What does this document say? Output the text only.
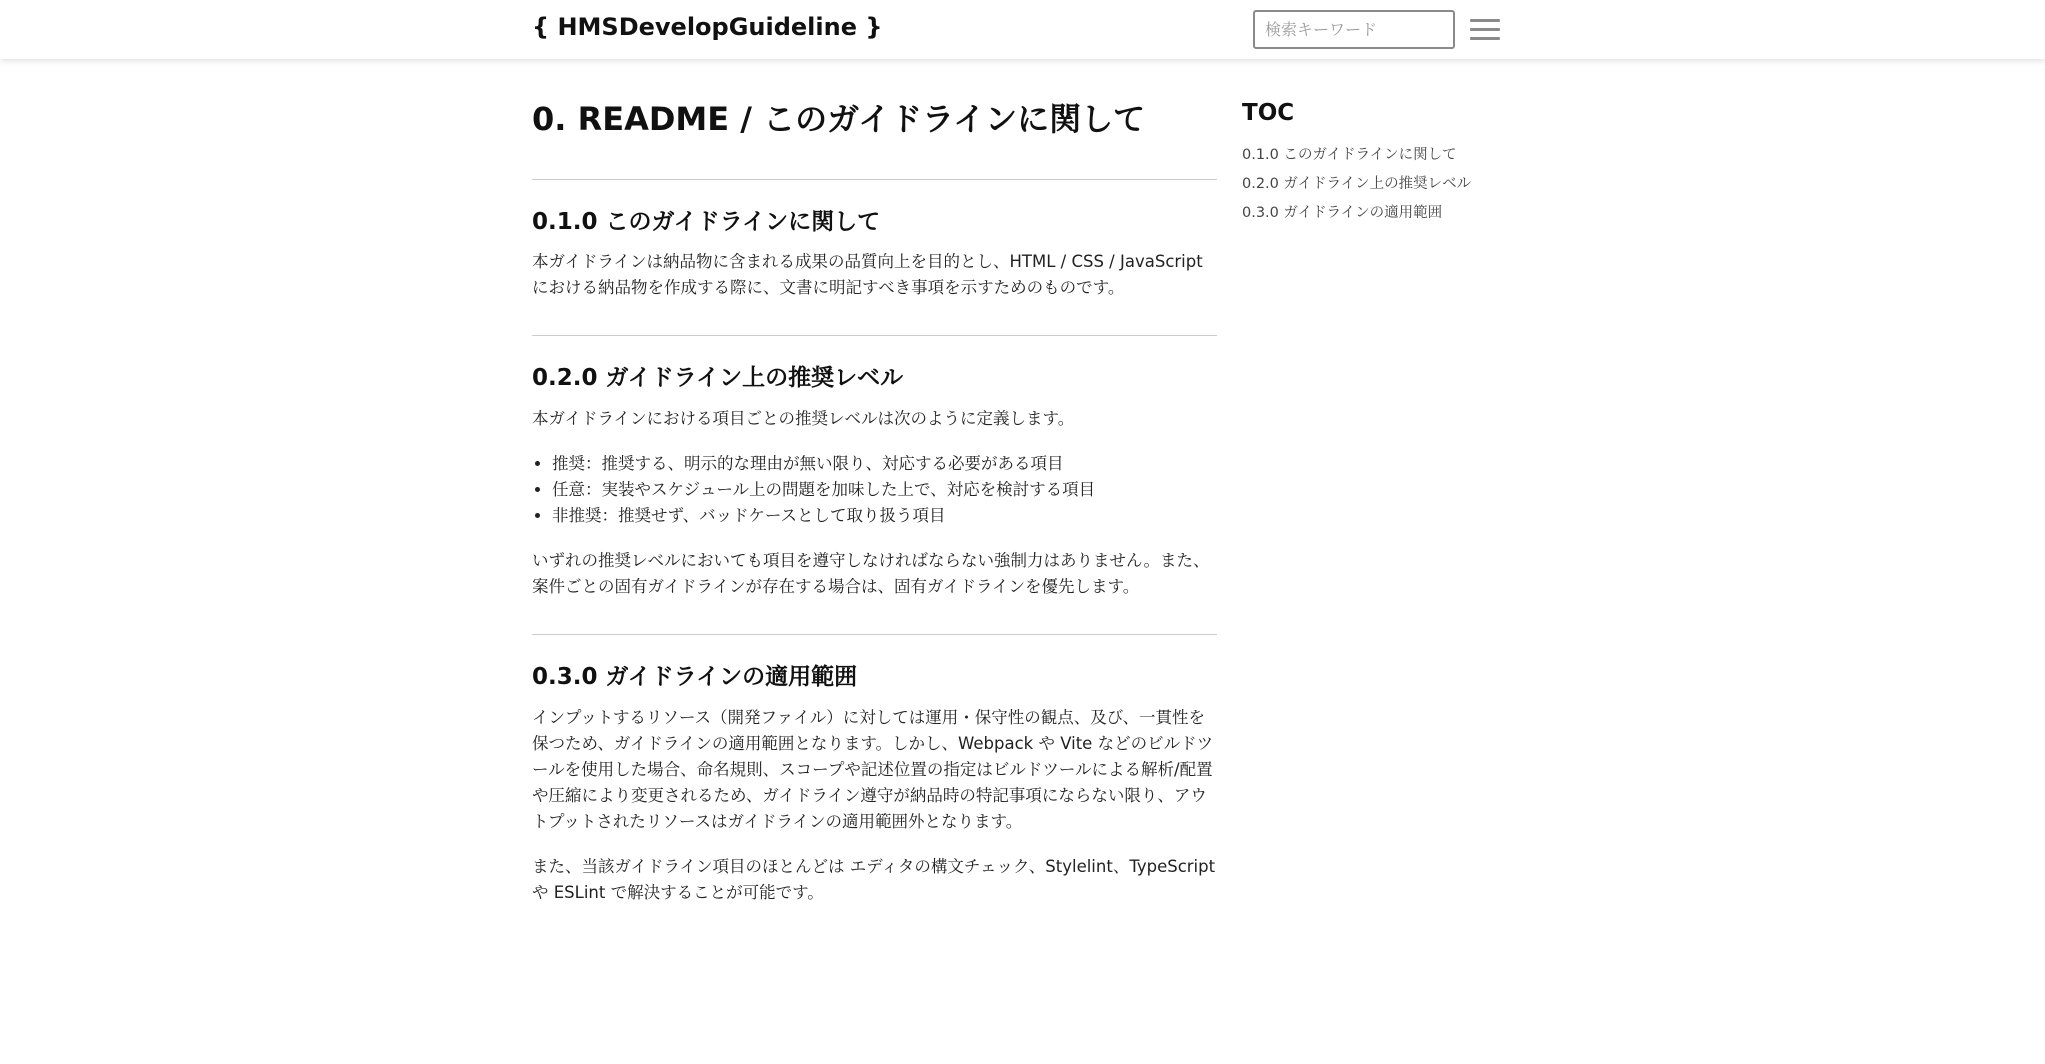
{ HMSDevelopGuideline }
検索キーワード
0. README / このガイドラインに関して
0.1.0 このガイドラインに関して

本ガイドラインは納品物に含まれる成果の品質向上を目的とし、HTML / CSS / JavaScript における納品物を作成する際に、文書に明記すべき事項を示すためのものです。

0.2.0 ガイドライン上の推奨レベル

本ガイドラインにおける項目ごとの推奨レベルは次のように定義します。

• 推奨：推奨する、明示的な理由が無い限り、対応する必要がある項目
• 任意：実装やスケジュール上の問題を加味した上で、対応を検討する項目
• 非推奨：推奨せず、バッドケースとして取り扱う項目

いずれの推奨レベルにおいても項目を遵守しなければならない強制力はありません。また、案件ごとの固有ガイドラインが存在する場合は、固有ガイドラインを優先します。

0.3.0 ガイドラインの適用範囲

インプットするリソース（開発ファイル）に対しては運用・保守性の観点、及び、一貫性を保つため、ガイドラインの適用範囲となります。しかし、Webpack や Vite などのビルドツールを使用した場合、命名規則、スコープや記述位置の指定はビルドツールによる解析/配置や圧縮により変更されるため、ガイドライン遵守が納品時の特記事項にならない限り、アウトプットされたリソースはガイドラインの適用範囲外となります。

また、当該ガイドライン項目のほとんどは エディタの構文チェック、Stylelint、TypeScript や ESLint で解決することが可能です。

TOC
0.1.0 このガイドラインに関して
0.2.0 ガイドライン上の推奨レベル
0.3.0 ガイドラインの適用範囲
